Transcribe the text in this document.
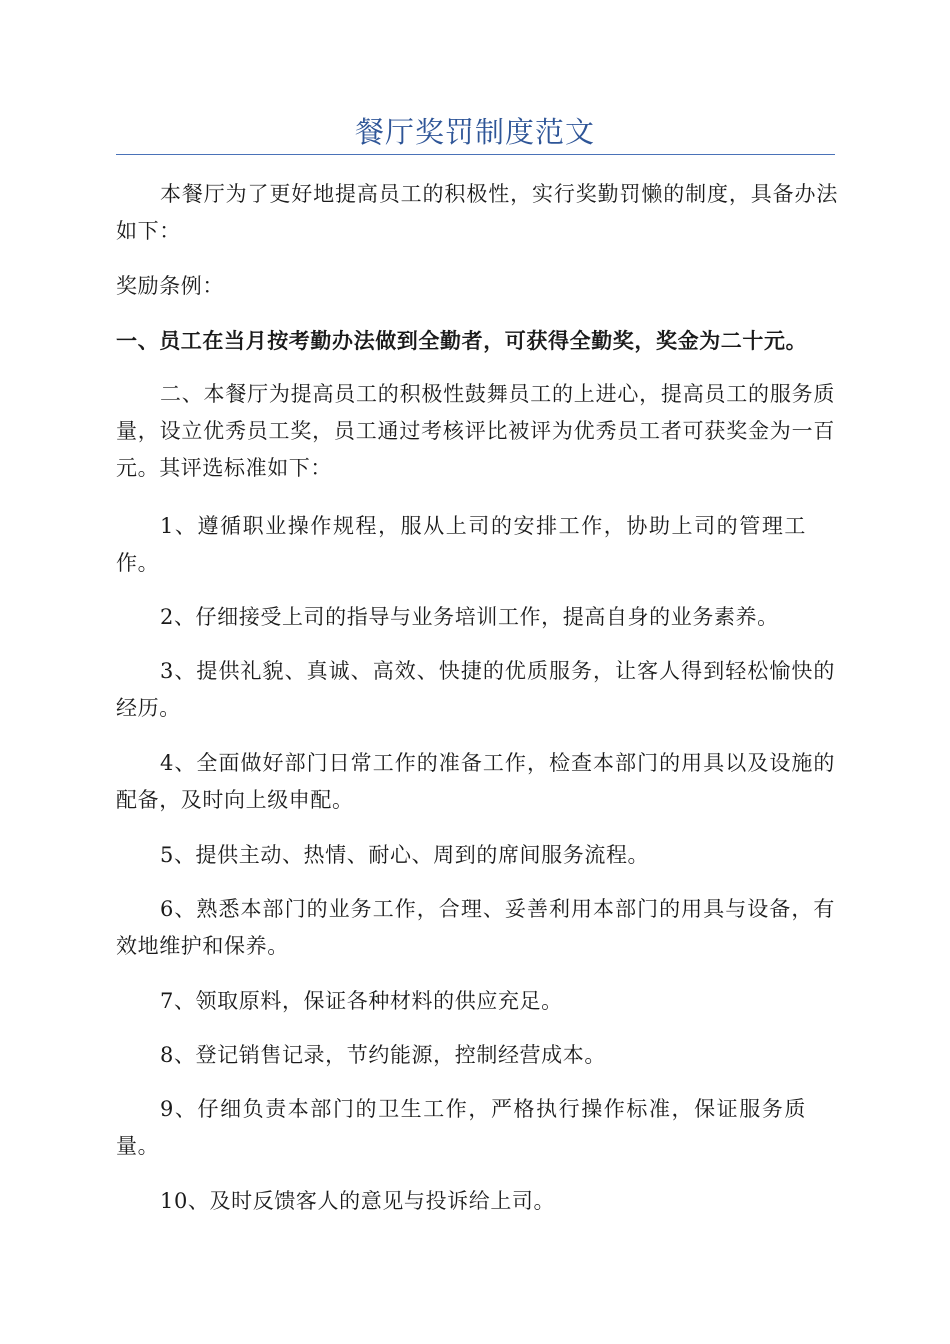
餐厅奖罚制度范文

本餐厅为了更好地提高员工的积极性，实行奖勤罚懒的制度，具备办法如下：

奖励条例：

一、员工在当月按考勤办法做到全勤者，可获得全勤奖，奖金为二十元。

二、本餐厅为提高员工的积极性鼓舞员工的上进心，提高员工的服务质量，设立优秀员工奖，员工通过考核评比被评为优秀员工者可获奖金为一百元。其评选标准如下：

1、遵循职业操作规程，服从上司的安排工作，协助上司的管理工作。

2、仔细接受上司的指导与业务培训工作，提高自身的业务素养。

3、提供礼貌、真诚、高效、快捷的优质服务，让客人得到轻松愉快的经历。

4、全面做好部门日常工作的准备工作，检查本部门的用具以及设施的配备，及时向上级申配。

5、提供主动、热情、耐心、周到的席间服务流程。

6、熟悉本部门的业务工作，合理、妥善利用本部门的用具与设备，有效地维护和保养。

7、领取原料，保证各种材料的供应充足。

8、登记销售记录，节约能源，控制经营成本。

9、仔细负责本部门的卫生工作，严格执行操作标准，保证服务质量。

10、及时反馈客人的意见与投诉给上司。
